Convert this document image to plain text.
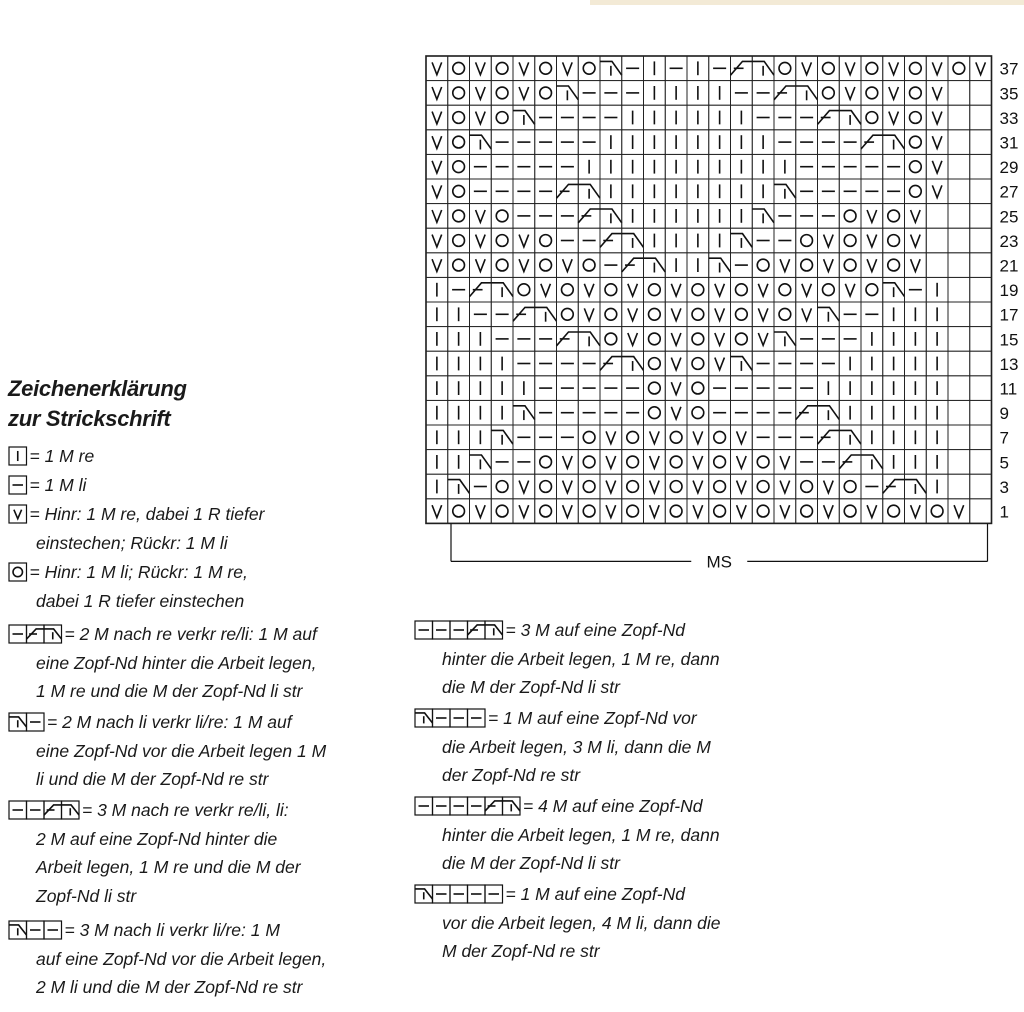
37
35
33
31
29
27
25
23
21
19
17
15
13
11
9
7
5
3
1
MS
Zeichenerklärung
zur Strickschrift
= 1 M re
= 1 M li
= Hinr: 1 M re, dabei 1 R tiefer
einstechen; Rückr: 1 M li
= Hinr: 1 M li; Rückr: 1 M re,
dabei 1 R tiefer einstechen
= 2 M nach re verkr re/li: 1 M auf
eine Zopf-Nd hinter die Arbeit legen,
1 M re und die M der Zopf-Nd li str
= 2 M nach li verkr li/re: 1 M auf
eine Zopf-Nd vor die Arbeit legen 1 M
li und die M der Zopf-Nd re str
= 3 M nach re verkr re/li, li:
2 M auf eine Zopf-Nd hinter die
Arbeit legen, 1 M re und die M der
Zopf-Nd li str
= 3 M nach li verkr li/re: 1 M
auf eine Zopf-Nd vor die Arbeit legen,
2 M li und die M der Zopf-Nd re str
= 3 M auf eine Zopf-Nd
hinter die Arbeit legen, 1 M re, dann
die M der Zopf-Nd li str
= 1 M auf eine Zopf-Nd vor
die Arbeit legen, 3 M li, dann die M
der Zopf-Nd re str
= 4 M auf eine Zopf-Nd
hinter die Arbeit legen, 1 M re, dann
die M der Zopf-Nd li str
= 1 M auf eine Zopf-Nd
vor die Arbeit legen, 4 M li, dann die
M der Zopf-Nd re str
